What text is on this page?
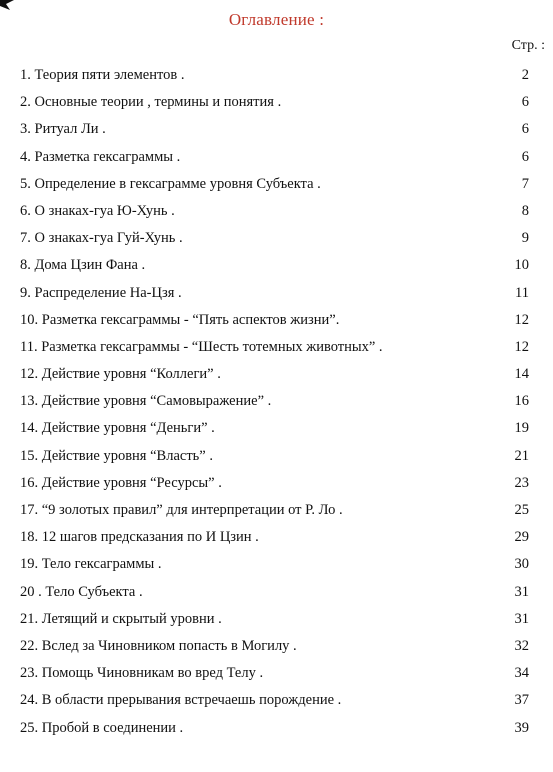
Оглавление :
Стр. :
1. Теория пяти элементов .	2
2. Основные теории , термины и понятия .	6
3. Ритуал Ли .	6
4. Разметка гексаграммы .	6
5. Определение в гексаграмме уровня Субъекта .	7
6. О знаках-гуа Ю-Хунь .	8
7. О знаках-гуа Гуй-Хунь .	9
8. Дома Цзин Фана .	10
9. Распределение На-Цзя .	11
10. Разметка гексаграммы - “Пять аспектов жизни”.	12
11. Разметка гексаграммы - “Шесть тотемных животных” .	12
12. Действие уровня “Коллеги” .	14
13. Действие уровня “Самовыражение” .	16
14. Действие уровня “Деньги” .	19
15. Действие уровня “Власть” .	21
16. Действие уровня “Ресурсы” .	23
17. “9 золотых правил” для интерпретации от Р. Ло .	25
18. 12 шагов предсказания по И Цзин .	29
19. Тело гексаграммы .	30
20 . Тело Субъекта .	31
21. Летящий и скрытый уровни .	31
22. Вслед за Чиновником попасть в Могилу .	32
23. Помощь Чиновникам во вред Телу .	34
24. В области прерывания встречаешь порождение .	37
25. Пробой в соединении .	39
